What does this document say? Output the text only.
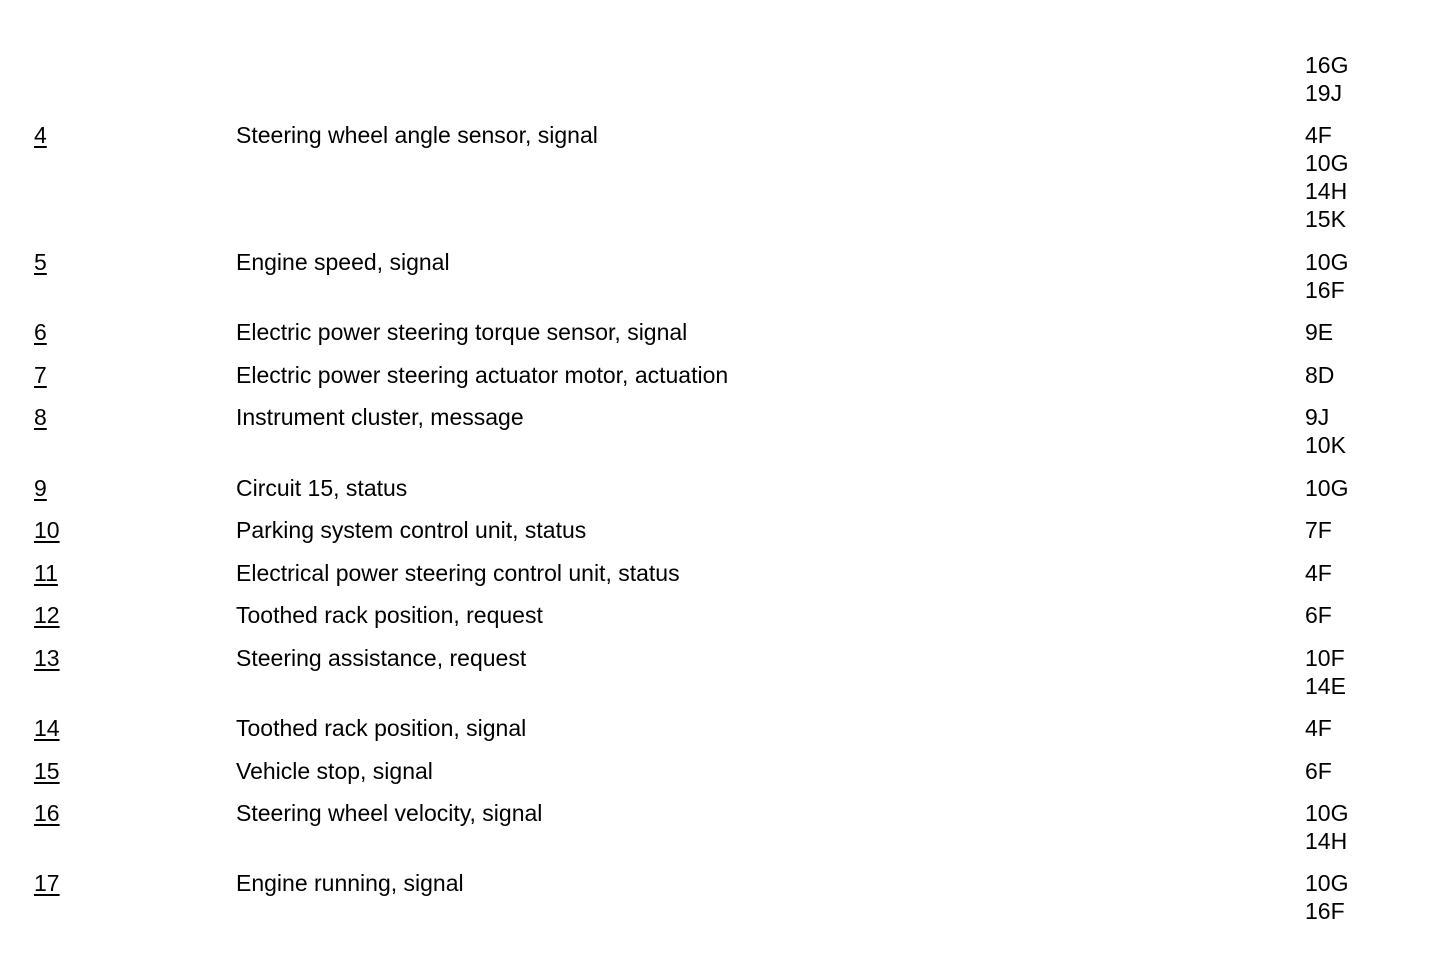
16G
19J
4	Steering wheel angle sensor, signal	4F
10G
14H
15K
5	Engine speed, signal	10G
16F
6	Electric power steering torque sensor, signal	9E
7	Electric power steering actuator motor, actuation	8D
8	Instrument cluster, message	9J
10K
9	Circuit 15, status	10G
10	Parking system control unit, status	7F
11	Electrical power steering control unit, status	4F
12	Toothed rack position, request	6F
13	Steering assistance, request	10F
14E
14	Toothed rack position, signal	4F
15	Vehicle stop, signal	6F
16	Steering wheel velocity, signal	10G
14H
17	Engine running, signal	10G
16F
